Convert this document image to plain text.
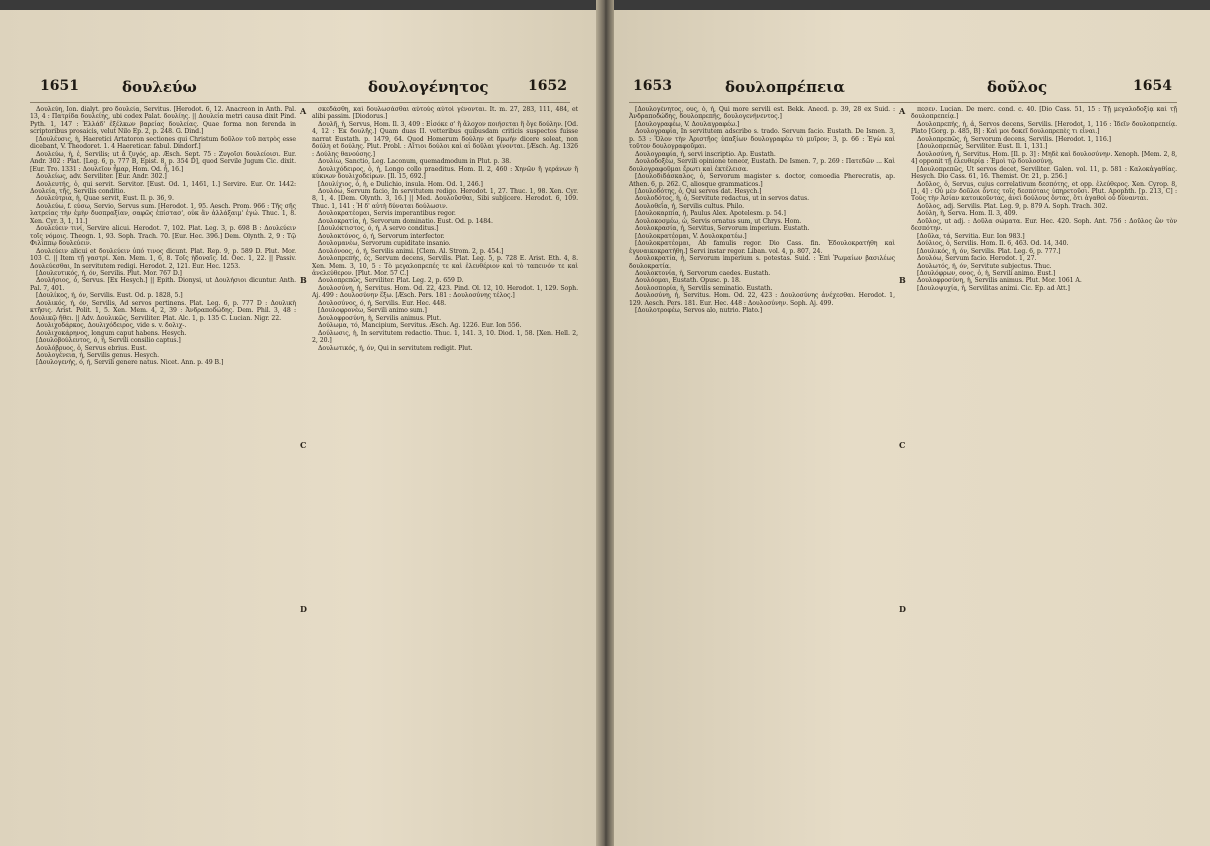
1651	δουλεύω	δουλογένητος	1652

Δουλεύη, Ion. dialyt. pro δουλεία, Servitus. [Herodot. 6, 12. Anacreon in Anth. Pal. 13, 4 : Πατρίδα δουλείης, ubi codex Palat. δουλίης. || Δουλεία metri causa dixit Pind. Pyth. 1, 147 : Ἑλλάδ' ἐξέλκων βαρείας δουλείας. Quae forma non ferenda in scriptoribus prosaicis, velut Nilo Ep. 2, p. 248. G. Dind.]

[Δουλέυσις, ἡ, Haeretici Artatoron sectiones qui Christum δοῦλον τοῦ πατρὸς esse dicebant, V. Theodoret. 1. 4 Haereticar. fabul. Dindorf.]

Δουλεύω, ἡ, ἑ, Servilis; ut ἄ ζυγός, ap. Æsch. Sept. 75 : Ζυγοῖσι δουλείοισι. Eur. Andr. 302 : Plat. [Leg. 6, p. 777 B, Epist. 8, p. 354 D], quod Servile Jugum Cic. dixit. [Eur. Tro. 1331 : Δουλεῖον ἦμαρ, Hom. Od. ἦ, 16.]

Δουλείως, adv. Serviliter. [Eur. Andr. 302.]

Δουλευτής, ὁ, qui servit. Servitor. [Eust. Od. 1, 1461, 1.] Servire. Eur. Or. 1442: Δουλεία, τῆς, Servilis conditio.

Δουλεύτρια, ἡ, Quae servit, Eust. Il. p. 36, 9.

Δουλεύω, f. εύσω, Servio, Servus sum. [Herodot. 1, 95. Aesch. Prom. 966 : Τῆς σῆς λατρείας τὴν ἐμὴν δυσπραξίαν, σαφῶς ἐπίστασ', οὐκ ἂν ἀλλάξαιμ' ἐγώ. Thuc. 1, 8. Xen. Cyr. 3, 1, 11.]

Δουλεύειν τινί, Servire alicui. Herodot. 7, 102. Plat. Leg. 3, p. 698 B : Δουλεύειν τοῖς νόμοις. Theogn. 1, 93. Soph. Trach. 70. [Eur. Hec. 396.] Dem. Olynth. 2, 9 : Τῷ Φιλίππῳ δουλεύειν.

Δουλεύειν alicui et δουλεύειν ὑπό τινος dicunt. Plat. Rep. 9, p. 589 D. Plut. Mor. 103 C. || Item τῇ γαστρί. Xen. Mem. 1, 6, 8. Τοῖς ἡδοναῖς. Id. Oec. 1, 22. || Passiv. Δουλεύεσθαι, In servitutem redigi. Herodot. 2, 121. Eur. Hec. 1253.

[Δουλευτικός, ή, όν, Servilis. Plut. Mor. 767 D.]

Δουλήσιος, ὁ, Servus. [Ex Hesych.] || Epith. Dionysi, ut Δουλήσιοι dicuntur. Anth. Pal. 7, 401.

[Δουλίκος, ή, όν, Servilis. Eust. Od. p. 1828, 5.]

Δουλικός, ή, όν, Servilis, Ad servos pertinens. Plat. Leg. 6, p. 777 D : Δουλικὴ κτῆσις. Arist. Polit. 1, 5. Xen. Mem. 4, 2, 39 : Ἀνδραποδώδης. Dem. Phil. 3, 48 : Δουλικῷ ἤθει. || Adv. Δουλικῶς, Serviliter. Plat. Alc. 1, p. 135 C. Lucian. Nigr. 22.

Δουλιχοδάρκος, Δουλιχόδειρος, vide s. v. δολιχ-.

Δουλιχοκάρηνος, longum caput habens. Hesych.

[Δουλοβούλευτος, ό, ή, Servili consilio captus.]

Δουλόβρυος, ὁ, Servus ebrius. Eust.

Δουλογένεια, ἡ, Servilis genus. Hesych.

[Δουλογενής, ό, ή, Servili genere natus. Nicet. Ann. p. 49 B.]

A
B
C
D

σκεδάσθη, καὶ δουλωσάσθαι αὐτοὺς αὐτοὶ γένονται. It. m. 27, 283, 111, 484, et alibi passim. [Diodorus.]

Δουλῆ, ἡ, Servus, Hom. Il. 3, 409 : Εἰσόκε σ' ἢ ἄλοχον ποιήσεται ἢ ὅγε δούλην. [Od. 4, 12 : Ἐκ δουλῆς.] Quam duas II. vetteribus quibusdam criticis suspectos fuisse narrat Eustath. p. 1479, 64. Quod Homerum δούλην et δμωήν dicere soleat, non δούλη et δούλης. Plut. Probl. : Αἴτιοι δούλοι καὶ αἱ δοῦλαι γίνονται. [Æsch. Ag. 1326 : Δούλης θανούσης.]

Δουλίω, Sanctio, Leg. Laconum, quemadmodum in Plut. p. 38.

Δουλιχόδειρος, ὁ, ἡ, Longo collo praeditus. Hom. Il. 2, 460 : Χηνῶν ἢ γεράνων ἢ κύκνων δουλιχοδείρων. [Il. 15, 692.]

[Δουλίχιος, ὁ, ἡ, e Dulichio, insula. Hom. Od. 1, 246.]

Δουλόω, Servum facio, In servitutem redigo. Herodot. 1, 27. Thuc. 1, 98. Xen. Cyr. 8, 1, 4. [Dem. Olynth. 3, 16.] || Med. Δουλοῦσθαι, Sibi subjicere. Herodot. 6, 109. Thuc. 1, 141 : Ἡ δ' αὐτὴ δύναται δούλωσιν.

Δουλοκρατέομαι, Servis imperantibus regor.

Δουλοκρατία, ἡ, Servorum dominatio. Eust. Od. p. 1484.

[Δουλόκτιστος, ό, ή, A servo conditus.]

Δουλοκτόνος, ό, ή, Servorum interfector.

Δουλομανέω, Servorum cupiditate insanio.

Δουλόνοος, ό, ή, Servilis animi. [Clem. Al. Strom. 2, p. 454.]

Δουλοπρεπής, ές, Servum decens, Servilis. Plat. Leg. 5, p. 728 E. Arist. Eth. 4, 8. Xen. Mem. 3, 10, 5 : Τὸ μεγαλοπρεπές τε καὶ ἐλευθέριον καὶ τὸ ταπεινόν τε καὶ ἀνελεύθερον. [Plut. Mor. 57 C.]

Δουλοπρεπῶς, Serviliter. Plat. Leg. 2, p. 659 D.

Δουλοσύνη, ἡ, Servitus. Hom. Od. 22, 423. Pind. Ol. 12, 10. Herodot. 1, 129. Soph. Aj. 499 : Δουλοσύνην ἕξω. [Æsch. Pers. 181 : Δουλοσύνης τέλος.]

Δουλοσύνος, ό, ή, Servilis. Eur. Hec. 448.

[Δουλοφρονέω, Servili animo sum.]

Δουλοφροσύνη, ἡ, Servilis animus. Plut.

Δούλωμα, τό, Mancipium, Servitus. Æsch. Ag. 1226. Eur. Ion 556.

Δούλωσις, ἡ, In servitutem redactio. Thuc. 1, 141. 3, 10. Diod. 1, 58. [Xen. Hell. 2, 2, 20.]

Δουλωτικός, ή, όν, Qui in servitutem redigit. Plut.

1653	δουλοπρέπεια	δοῦλος	1654

[Δουλογένητος, ους, ὁ, ἡ, Qui more servili est. Bekk. Anecd. p. 39, 28 ex Suid. : Ἀνδραποδώδης, δουλοπρεπής, δουλογενήνεντος.]

[Δουλογραφέω, V. Δουλαγραφέω.]

Δουλογραφία, In servitutem adscribo s. trado. Servum facio. Eustath. De Ismen. 3, p. 53 : Ὅλον τὴν Ἀριστῆος ὑπαξίων δουλογραφέω τὸ μυῖρον; 3, p. 66 : Ἐγὼ καὶ τοῦτον δουλογραφοῦμαι.

Δουλογραφία, ἡ, servi inscriptio. Ap. Eustath.

Δουλοδοξέω, Servili opinione teneor, Eustath. De Ismen. 7, p. 269 : Πατεδῶν ... Καὶ δουλογραφοῦμαι ἔρωτι καὶ ἐκτέλεισα.

[Δουλοδιδάσκαλος, ὁ, Servorum magister s. doctor, comoedia Pherecratis, ap. Athen. 6, p. 262. C, aliosque grammaticos.]

[Δουλοδότης, ὁ, Qui servos dat. Hesych.]

Δουλοδότος, ἡ, ὁ, Servitute redactus, ut in servos datus.

Δουλοθεΐα, ἡ, Servilis cultus. Philo.

[Δουλοκαρπία, ἡ, Paulus Alex. Apotelesm. p. 54.]

Δουλοκοσμέω, ὡ, Servis ornatus sum, ut Chrys. Hom.

Δουλοκρασία, ἡ, Servitus, Servorum imperium. Eustath.

[Δουλοκρατέομαι, V. Δουλοκρατέω.]

[Δουλοκρατέομαι, Ab famulis regor. Dio Cass. fin. Ἐδουλοκρατήθη καὶ ἐγυναικοκρατήθη.] Servi instar regor. Liban. vol. 4, p. 807, 24.

Δουλοκρατία, ἡ, Servorum imperium s. potestas. Suid. : Ἐπὶ Ῥωμαίων βασιλέως δουλοκρατία.

Δουλοκτονία, ἡ, Servorum caedes. Eustath.

Δουλόομαι, Eustath. Opusc. p. 18.

Δουλοσπορία, ἡ, Servilis seminatio. Eustath.

Δουλοσύνη, ἡ, Servitus. Hom. Od. 22, 423 : Δουλοσύνης ἀνέχεσθαι. Herodot. 1, 129. Aesch. Pers. 181. Eur. Hec. 448 : Δουλοσύνην. Soph. Aj. 499.

[Δουλοτροφέω, Servos alo, nutrio. Plato.]

A
B
C
D

πεσεν. Lucian. De merc. cond. c. 40. [Dio Cass. 51, 15 : Τῇ μεγαλοδοξίᾳ καὶ τῇ δουλοπρεπείᾳ.]

Δουλοπρεπής, ἡ, ἁ, Servos decens, Servilis. [Herodot. 1, 116 : Ἰδεῖν δουλοπρεπείᾳ. Plato [Gorg. p. 485, B] : Καὶ μοι δοκεῖ δουλοπρεπὲς τι εἶναι.]

Δουλοπρεπῶς, ἡ, Servorum decens, Servilis. [Herodot. 1, 116.]

[Δουλοπρεπῶς, Serviliter. Eust. Il. 1, 131.]

Δουλοσύνη, ἡ, Servitus. Hom. [Il. p. 3] : Μηδὲ καὶ δουλοσύνην. Xenoph. [Mem. 2, 8, 4] opponit τῇ ἐλευθερίᾳ : Ἐμοὶ τῷ δουλοσύνῃ.

[Δουλοπρεπῶς, Ut servos decet, Serviliter. Galen. vol. 11, p. 581 : Καλοκἀγαθίας. Hesych. Dio Cass. 61, 16. Themist. Or. 21, p. 256.]

Δοῦλος, ὁ, Servus, cujus correlativum δεσπότης, et opp. ἐλεύθερος. Xen. Cyrop. 8, [1, 4] : Οὐ μὲν δοῦλοι ὄντες τοῖς δεσπόταις ὑπηρετοῦσι. Plut. Apophth. [p. 213, C] : Τοὺς τὴν Ἀσίαν κατοικοῦντας, ἀνεὶ δούλους ὄντας, ὅτι ἀγαθοὶ οὐ δύνανται.

Δοῦλος, adj. Servilis. Plat. Leg. 9, p. 879 A. Soph. Trach. 302.

Δούλη, ἡ, Serva. Hom. Il. 3, 409.

Δοῦλος, ut adj. : Δοῦλα σώματα. Eur. Hec. 420. Soph. Ant. 756 : Δοῦλος ὢν τὸν δεσπότην.

[Δοῦλα, τά, Servitia. Eur. Ion 983.]

Δούλιος, ὁ, Servilis. Hom. Il. 6, 463. Od. 14, 340.

[Δουλικός, ή, όν, Servilis. Plat. Leg. 6, p. 777.]

Δουλόω, Servum facio. Herodot. 1, 27.

Δουλωτός, ή, όν, Servitute subjectus. Thuc.

[Δουλόφρων, ονος, ὁ, ἡ, Servili animo. Eust.]

Δουλοφροσύνη, ἡ, Servilis animus. Plut. Mor. 1061 A.

[Δουλοψυχία, ἡ, Servilitas animi. Cic. Ep. ad Att.]
